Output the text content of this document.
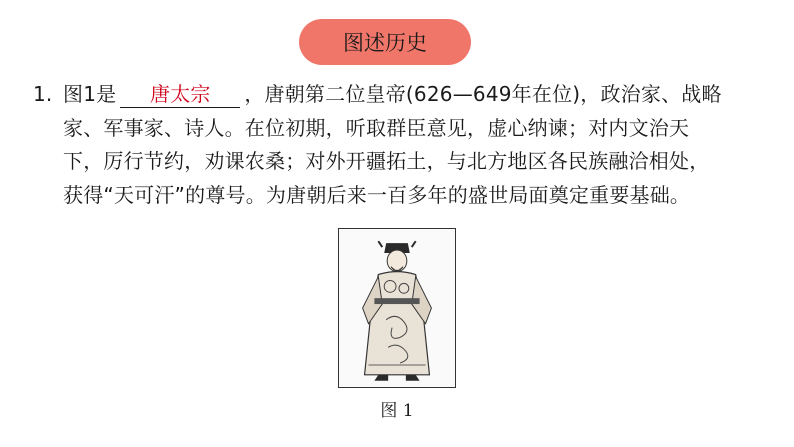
图述历史
1. 图1是 唐太宗 ，唐朝第二位皇帝(626—649年在位)，政治家、战略
家、军事家、诗人。在位初期，听取群臣意见，虚心纳谏；对内文治天
下，厉行节约，劝课农桑；对外开疆拓土，与北方地区各民族融洽相处，
获得“天可汗”的尊号。为唐朝后来一百多年的盛世局面奠定重要基础。
图 1
